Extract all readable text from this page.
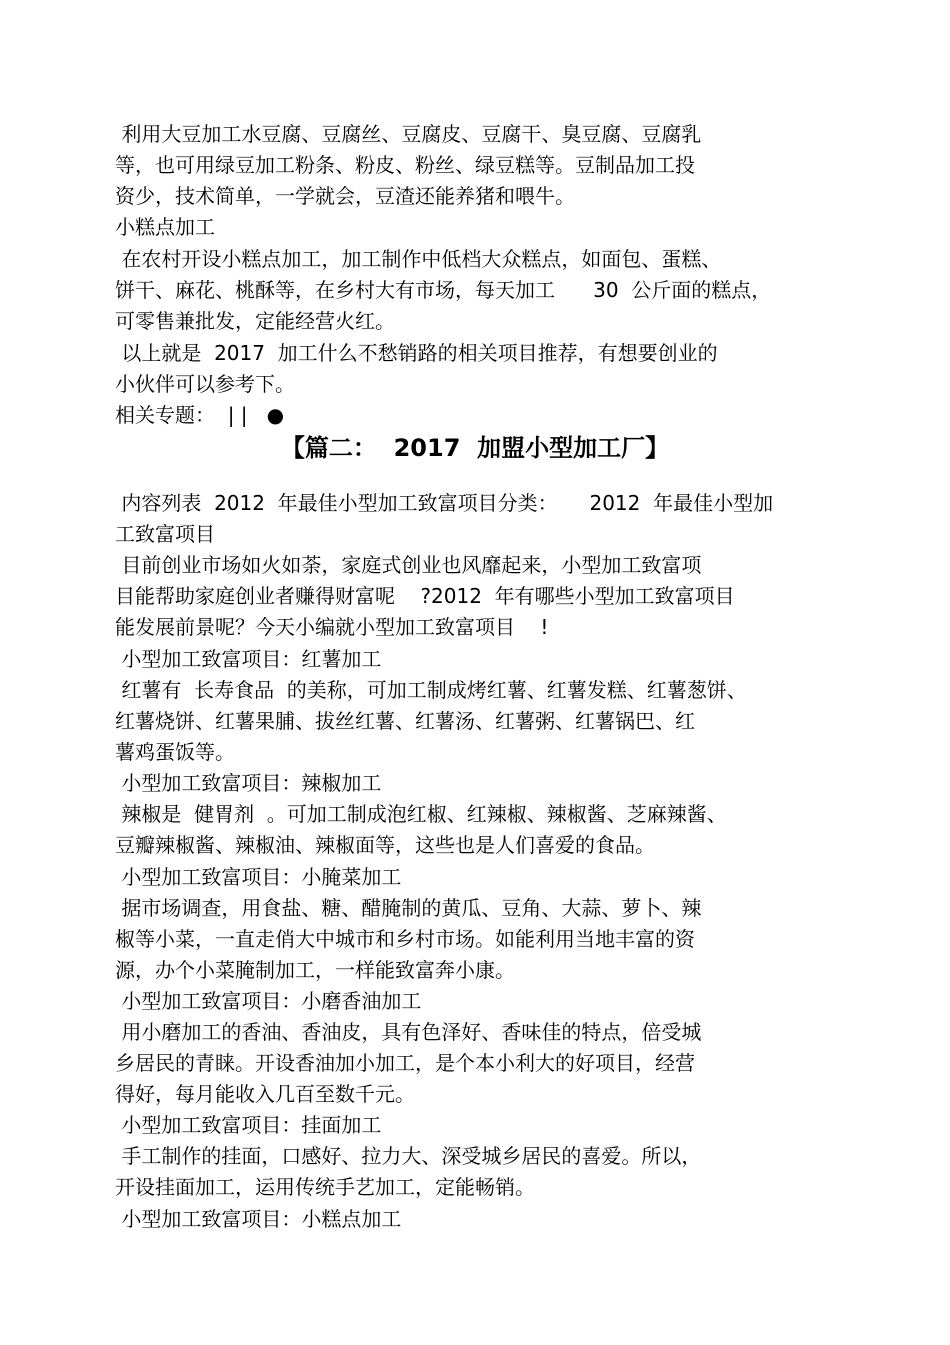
利用大豆加工水豆腐、豆腐丝、豆腐皮、豆腐干、臭豆腐、豆腐乳

等，也可用绿豆加工粉条、粉皮、粉丝、绿豆糕等。豆制品加工投

资少，技术简单，一学就会，豆渣还能养猪和喂牛。

小糕点加工

在农村开设小糕点加工，加工制作中低档大众糕点，如面包、蛋糕、

饼干、麻花、桃酥等，在乡村大有市场，每天加工      30  公斤面的糕点，

可零售兼批发，定能经营火红。

以上就是  2017  加工什么不愁销路的相关项目推荐，有想要创业的

小伙伴可以参考下。

相关专题：  | |   ●

【篇二：  2017  加盟小型加工厂】

内容列表  2012  年最佳小型加工致富项目分类：     2012  年最佳小型加

工致富项目

目前创业市场如火如荼，家庭式创业也风靡起来，小型加工致富项

目能帮助家庭创业者赚得财富呢    ?2012  年有哪些小型加工致富项目

能发展前景呢？今天小编就小型加工致富项目    !

小型加工致富项目：红薯加工

红薯有  长寿食品  的美称，可加工制成烤红薯、红薯发糕、红薯葱饼、

红薯烧饼、红薯果脯、拔丝红薯、红薯汤、红薯粥、红薯锅巴、红

薯鸡蛋饭等。

小型加工致富项目：辣椒加工

辣椒是  健胃剂  。可加工制成泡红椒、红辣椒、辣椒酱、芝麻辣酱、

豆瓣辣椒酱、辣椒油、辣椒面等，这些也是人们喜爱的食品。

小型加工致富项目：小腌菜加工

据市场调查，用食盐、糖、醋腌制的黄瓜、豆角、大蒜、萝卜、辣

椒等小菜，一直走俏大中城市和乡村市场。如能利用当地丰富的资

源，办个小菜腌制加工，一样能致富奔小康。

小型加工致富项目：小磨香油加工

用小磨加工的香油、香油皮，具有色泽好、香味佳的特点，倍受城

乡居民的青睐。开设香油加小加工，是个本小利大的好项目，经营

得好，每月能收入几百至数千元。

小型加工致富项目：挂面加工

手工制作的挂面，口感好、拉力大、深受城乡居民的喜爱。所以，

开设挂面加工，运用传统手艺加工，定能畅销。

小型加工致富项目：小糕点加工
